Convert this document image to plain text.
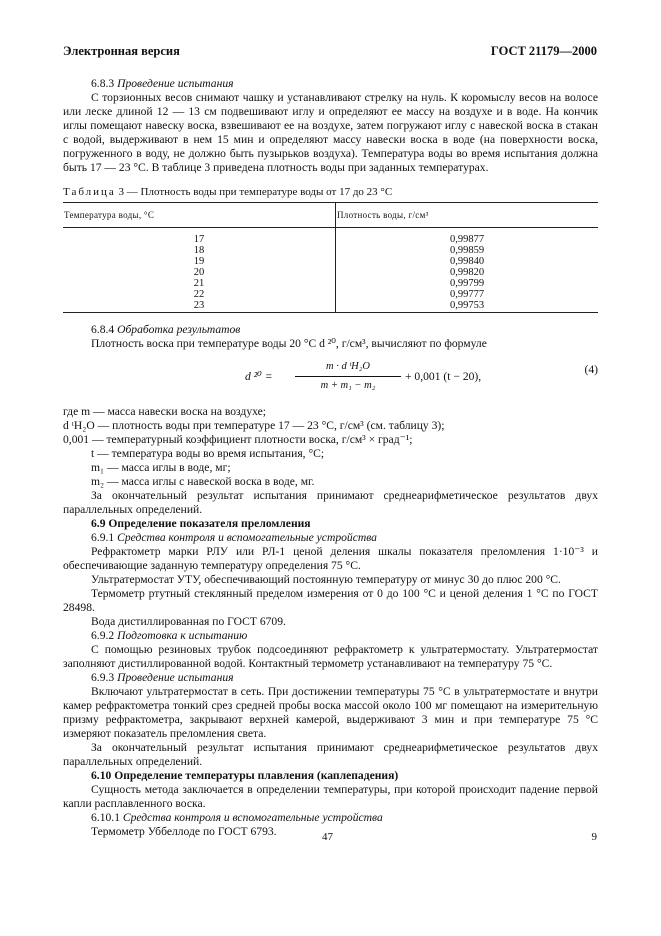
Электронная версия	ГОСТ 21179—2000

6.8.3 Проведение испытания

С торзионных весов снимают чашку и устанавливают стрелку на нуль. К коромыслу весов на волосе или леске длиной 12 — 13 см подвешивают иглу и определяют ее массу на воздухе и в воде. На кончик иглы помещают навеску воска, взвешивают ее на воздухе, затем погружают иглу с навеской воска в стакан с водой, выдерживают в нем 15 мин и определяют массу навески воска в воде (на поверхности воска, погруженного в воду, не должно быть пузырьков воздуха). Температура воды во время испытания должна быть 17 — 23 °С. В таблице 3 приведена плотность воды при заданных температурах.

Таблица 3 — Плотность воды при температуре воды от 17 до 23 °С

Температура воды, °С	Плотность воды, г/см³
17	0,99877
18	0,99859
19	0,99840
20	0,99820
21	0,99799
22	0,99777
23	0,99753

6.8.4 Обработка результатов

Плотность воска при температуре воды 20 °С d ²⁰, г/см³, вычисляют по формуле

d ²⁰ =
m · d ᵗH₂O
m + m₁ − m₂
+ 0,001 (t − 20),
(4)
где m — масса навески воска на воздухе;
d ᵗH₂O — плотность воды при температуре 17 — 23 °С, г/см³ (см. таблицу 3);
0,001 — температурный коэффициент плотности воска, г/см³ × град⁻¹;
t — температура воды во время испытания, °С;
m₁ — масса иглы в воде, мг;
m₂ — масса иглы с навеской воска в воде, мг.

За окончательный результат испытания принимают среднеарифметическое результатов двух параллельных определений.

6.9 Определение показателя преломления

6.9.1 Средства контроля и вспомогательные устройства

Рефрактометр марки РЛУ или РЛ-1 ценой деления шкалы показателя преломления 1·10⁻³ и обеспечивающие заданную температуру определения 75 °С.

Ультратермостат УТУ, обеспечивающий постоянную температуру от минус 30 до плюс 200 °С.

Термометр ртутный стеклянный пределом измерения от 0 до 100 °С и ценой деления 1 °С по ГОСТ 28498.

Вода дистиллированная по ГОСТ 6709.

6.9.2 Подготовка к испытанию

С помощью резиновых трубок подсоединяют рефрактометр к ультратермостату. Ультратермостат заполняют дистиллированной водой. Контактный термометр устанавливают на температуру 75 °С.

6.9.3 Проведение испытания

Включают ультратермостат в сеть. При достижении температуры 75 °С в ультратермостате и внутри камер рефрактометра тонкий срез средней пробы воска массой около 100 мг помещают на измерительную призму рефрактометра, закрывают верхней камерой, выдерживают 3 мин и при температуре 75 °С измеряют показатель преломления света.

За окончательный результат испытания принимают среднеарифметическое результатов двух параллельных определений.

6.10 Определение температуры плавления (каплепадения)

Сущность метода заключается в определении температуры, при которой происходит падение первой капли расплавленного воска.

6.10.1 Средства контроля и вспомогательные устройства

Термометр Уббеллоде по ГОСТ 6793.	47	9
